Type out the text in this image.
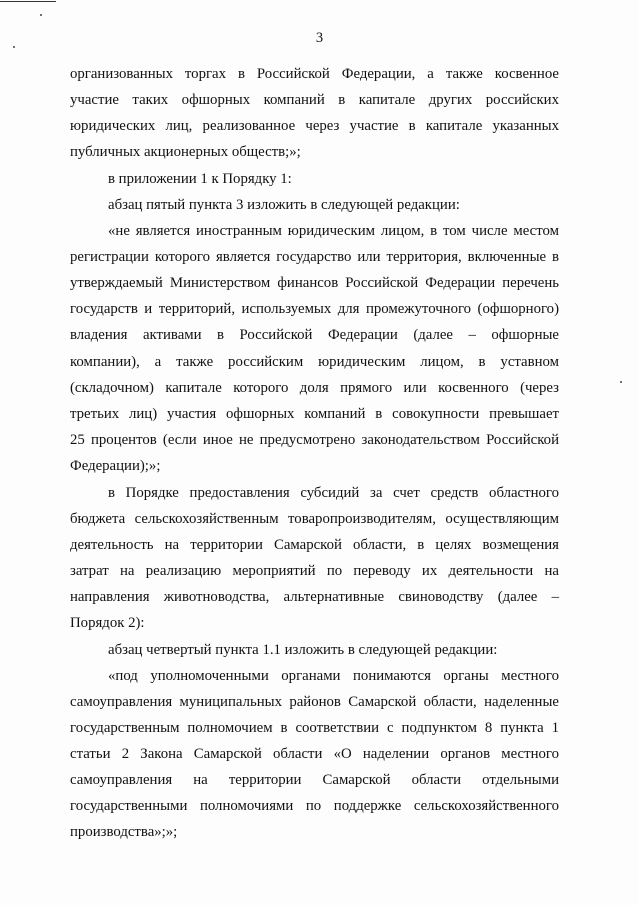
3
организованных торгах в Российской Федерации, а также косвенное
участие таких офшорных компаний в капитале других российских
юридических лиц, реализованное через участие в капитале указанных
публичных акционерных обществ;»;
в приложении 1 к Порядку 1:
абзац пятый пункта 3 изложить в следующей редакции:
«не является иностранным юридическим лицом, в том числе местом
регистрации которого является государство или территория, включенные в
утверждаемый Министерством финансов Российской Федерации перечень
государств и территорий, используемых для промежуточного (офшорного)
владения активами в Российской Федерации (далее – офшорные
компании), а также российским юридическим лицом, в уставном
(складочном) капитале которого доля прямого или косвенного (через
третьих лиц) участия офшорных компаний в совокупности превышает
25 процентов (если иное не предусмотрено законодательством Российской
Федерации);»;
в Порядке предоставления субсидий за счет средств областного
бюджета сельскохозяйственным товаропроизводителям, осуществляющим
деятельность на территории Самарской области, в целях возмещения
затрат на реализацию мероприятий по переводу их деятельности на
направления животноводства, альтернативные свиноводству (далее –
Порядок 2):
абзац четвертый пункта 1.1 изложить в следующей редакции:
«под уполномоченными органами понимаются органы местного
самоуправления муниципальных районов Самарской области, наделенные
государственным полномочием в соответствии с подпунктом 8 пункта 1
статьи 2 Закона Самарской области «О наделении органов местного
самоуправления на территории Самарской области отдельными
государственными полномочиями по поддержке сельскохозяйственного
производства»;»;
